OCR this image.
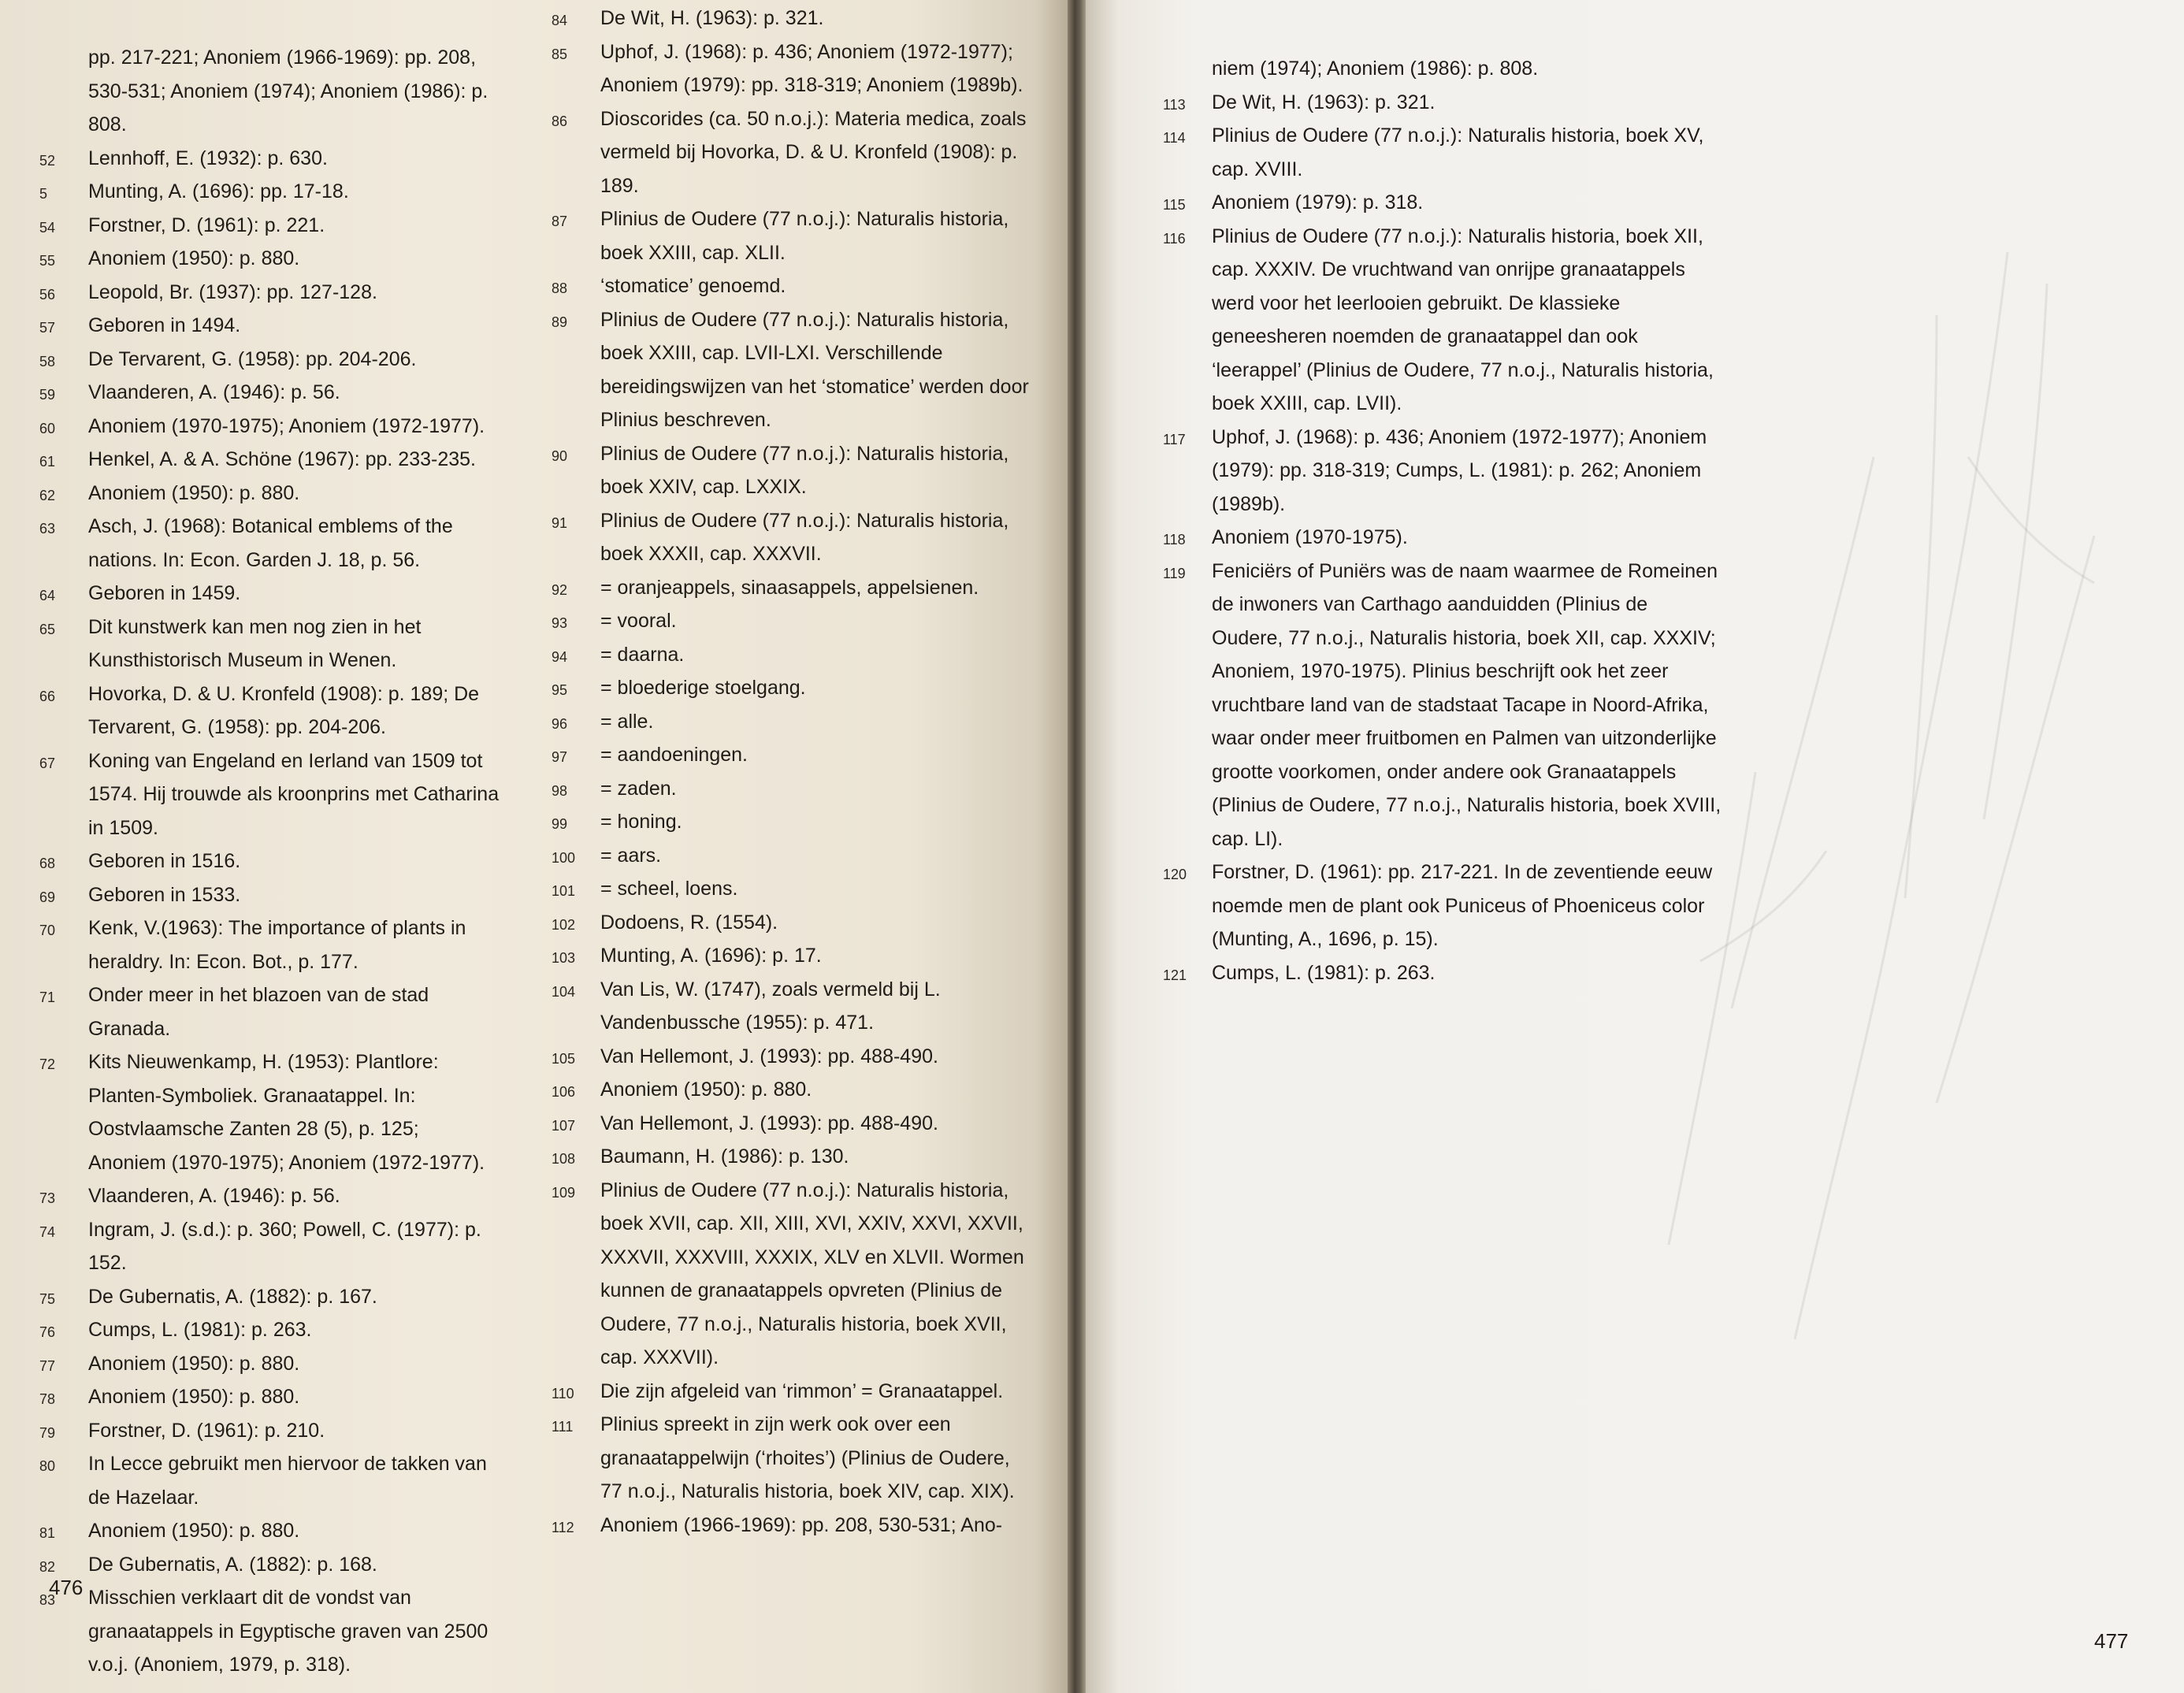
pp. 217-221; Anoniem (1966-1969): pp. 208, 530-531; Anoniem (1974); Anoniem (1986): p. 808.
52	Lennhoff, E. (1932): p. 630.
5	Munting, A. (1696): pp. 17-18.
54	Forstner, D. (1961): p. 221.
55	Anoniem (1950): p. 880.
56	Leopold, Br. (1937): pp. 127-128.
57	Geboren in 1494.
58	De Tervarent, G. (1958): pp. 204-206.
59	Vlaanderen, A. (1946): p. 56.
60	Anoniem (1970-1975); Anoniem (1972-1977).
61	Henkel, A. & A. Schöne (1967): pp. 233-235.
62	Anoniem (1950): p. 880.
63	Asch, J. (1968): Botanical emblems of the nations. In: Econ. Garden J. 18, p. 56.
64	Geboren in 1459.
65	Dit kunstwerk kan men nog zien in het Kunsthistorisch Museum in Wenen.
66	Hovorka, D. & U. Kronfeld (1908): p. 189; De Tervarent, G. (1958): pp. 204-206.
67	Koning van Engeland en Ierland van 1509 tot 1574. Hij trouwde als kroonprins met Catharina in 1509.
68	Geboren in 1516.
69	Geboren in 1533.
70	Kenk, V.(1963): The importance of plants in heraldry. In: Econ. Bot., p. 177.
71	Onder meer in het blazoen van de stad Granada.
72	Kits Nieuwenkamp, H. (1953): Plantlore: Planten-Symboliek. Granaatappel. In: Oostvlaamsche Zanten 28 (5), p. 125; Anoniem (1970-1975); Anoniem (1972-1977).
73	Vlaanderen, A. (1946): p. 56.
74	Ingram, J. (s.d.): p. 360; Powell, C. (1977): p. 152.
75	De Gubernatis, A. (1882): p. 167.
76	Cumps, L. (1981): p. 263.
77	Anoniem (1950): p. 880.
78	Anoniem (1950): p. 880.
79	Forstner, D. (1961): p. 210.
80	In Lecce gebruikt men hiervoor de takken van de Hazelaar.
81	Anoniem (1950): p. 880.
82	De Gubernatis, A. (1882): p. 168.
83	Misschien verklaart dit de vondst van granaatappels in Egyptische graven van 2500 v.o.j. (Anoniem, 1979, p. 318).
84	De Wit, H. (1963): p. 321.
85	Uphof, J. (1968): p. 436; Anoniem (1972-1977); Anoniem (1979): pp. 318-319; Anoniem (1989b).
86	Dioscorides (ca. 50 n.o.j.): Materia medica, zoals vermeld bij Hovorka, D. & U. Kronfeld (1908): p. 189.
87	Plinius de Oudere (77 n.o.j.): Naturalis historia, boek XXIII, cap. XLII.
88	‘stomatice’ genoemd.
89	Plinius de Oudere (77 n.o.j.): Naturalis historia, boek XXIII, cap. LVII-LXI. Verschillende bereidingswijzen van het ‘stomatice’ werden door Plinius beschreven.
90	Plinius de Oudere (77 n.o.j.): Naturalis historia, boek XXIV, cap. LXXIX.
91	Plinius de Oudere (77 n.o.j.): Naturalis historia, boek XXXII, cap. XXXVII.
92	= oranjeappels, sinaasappels, appelsienen.
93	= vooral.
94	= daarna.
95	= bloederige stoelgang.
96	= alle.
97	= aandoeningen.
98	= zaden.
99	= honing.
100	= aars.
101	= scheel, loens.
102	Dodoens, R. (1554).
103	Munting, A. (1696): p. 17.
104	Van Lis, W. (1747), zoals vermeld bij L. Vandenbussche (1955): p. 471.
105	Van Hellemont, J. (1993): pp. 488-490.
106	Anoniem (1950): p. 880.
107	Van Hellemont, J. (1993): pp. 488-490.
108	Baumann, H. (1986): p. 130.
109	Plinius de Oudere (77 n.o.j.): Naturalis historia, boek XVII, cap. XII, XIII, XVI, XXIV, XXVI, XXVII, XXXVII, XXXVIII, XXXIX, XLV en XLVII. Wormen kunnen de granaatappels opvreten (Plinius de Oudere, 77 n.o.j., Naturalis historia, boek XVII, cap. XXXVII).
110	Die zijn afgeleid van ‘rimmon’ = Granaatappel.
111	Plinius spreekt in zijn werk ook over een granaatappelwijn (‘rhoites’) (Plinius de Oudere, 77 n.o.j., Naturalis historia, boek XIV, cap. XIX).
112	Anoniem (1966-1969): pp. 208, 530-531; Ano-
476
niem (1974); Anoniem (1986): p. 808.
113	De Wit, H. (1963): p. 321.
114	Plinius de Oudere (77 n.o.j.): Naturalis historia, boek XV, cap. XVIII.
115	Anoniem (1979): p. 318.
116	Plinius de Oudere (77 n.o.j.): Naturalis historia, boek XII, cap. XXXIV. De vruchtwand van onrijpe granaatappels werd voor het leerlooien gebruikt. De klassieke geneesheren noemden de granaatappel dan ook ‘leerappel’ (Plinius de Oudere, 77 n.o.j., Naturalis historia, boek XXIII, cap. LVII).
117	Uphof, J. (1968): p. 436; Anoniem (1972-1977); Anoniem (1979): pp. 318-319; Cumps, L. (1981): p. 262; Anoniem (1989b).
118	Anoniem (1970-1975).
119	Feniciërs of Puniërs was de naam waarmee de Romeinen de inwoners van Carthago aanduidden (Plinius de Oudere, 77 n.o.j., Naturalis historia, boek XII, cap. XXXIV; Anoniem, 1970-1975). Plinius beschrijft ook het zeer vruchtbare land van de stadstaat Tacape in Noord-Afrika, waar onder meer fruitbomen en Palmen van uitzonderlijke grootte voorkomen, onder andere ook Granaatappels (Plinius de Oudere, 77 n.o.j., Naturalis historia, boek XVIII, cap. LI).
120	Forstner, D. (1961): pp. 217-221. In de zeventiende eeuw noemde men de plant ook Puniceus of Phoeniceus color (Munting, A., 1696, p. 15).
121	Cumps, L. (1981): p. 263.
477
